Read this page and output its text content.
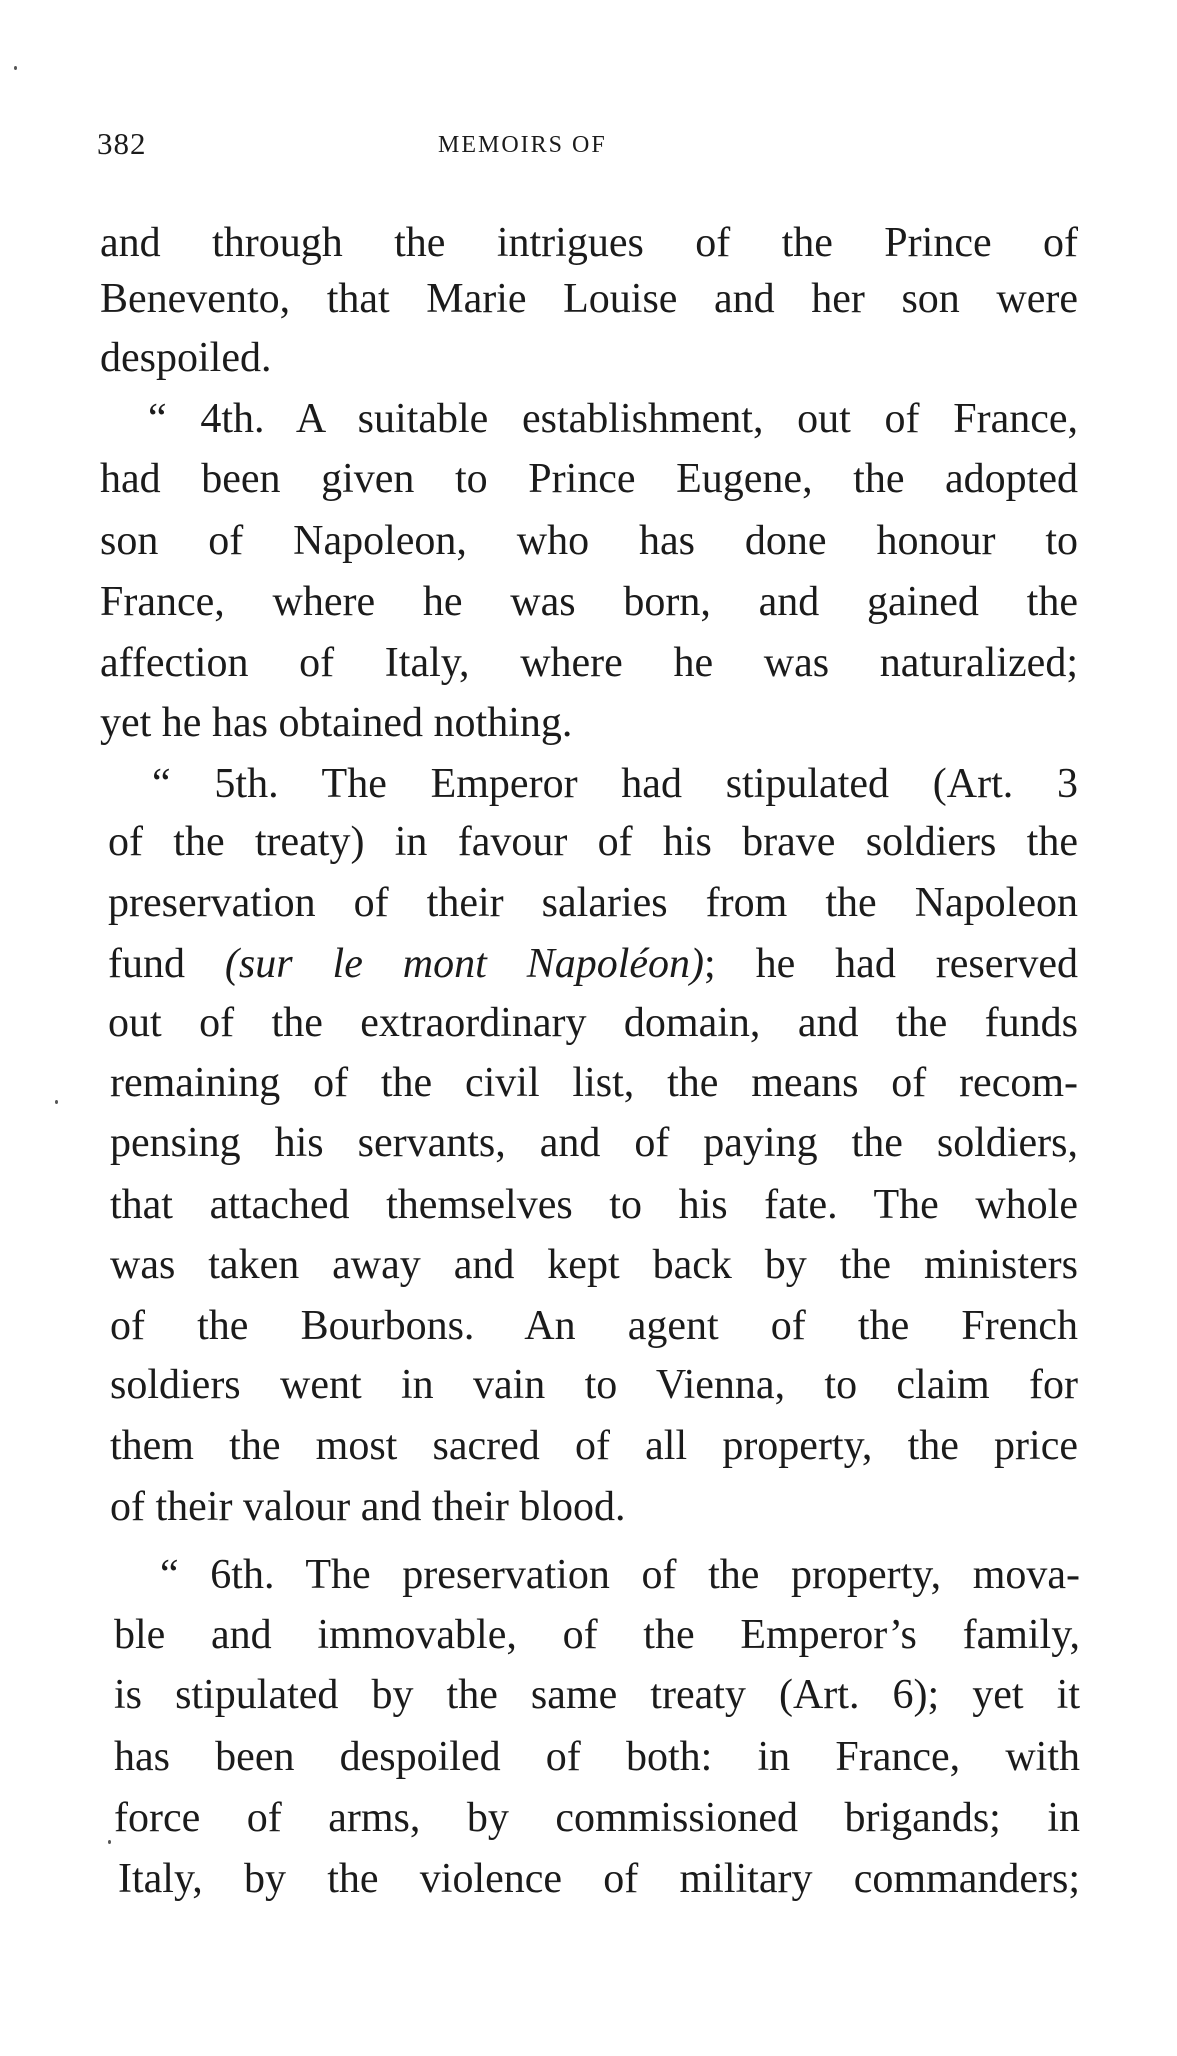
382	MEMOIRS OF
and through the intrigues of the Prince of
Benevento, that Marie Louise and her son were
despoiled.
“ 4th. A suitable establishment, out of France,
had been given to Prince Eugene, the adopted
son of Napoleon, who has done honour to
France, where he was born, and gained the
affection of Italy, where he was naturalized;
yet he has obtained nothing.
“ 5th. The Emperor had stipulated (Art. 3
of the treaty) in favour of his brave soldiers the
preservation of their salaries from the Napoleon
fund (sur le mont Napoléon); he had reserved
out of the extraordinary domain, and the funds
remaining of the civil list, the means of recom-
pensing his servants, and of paying the soldiers,
that attached themselves to his fate. The whole
was taken away and kept back by the ministers
of the Bourbons. An agent of the French
soldiers went in vain to Vienna, to claim for
them the most sacred of all property, the price
of their valour and their blood.
“ 6th. The preservation of the property, mova-
ble and immovable, of the Emperor’s family,
is stipulated by the same treaty (Art. 6); yet it
has been despoiled of both: in France, with
force of arms, by commissioned brigands; in
Italy, by the violence of military commanders;
